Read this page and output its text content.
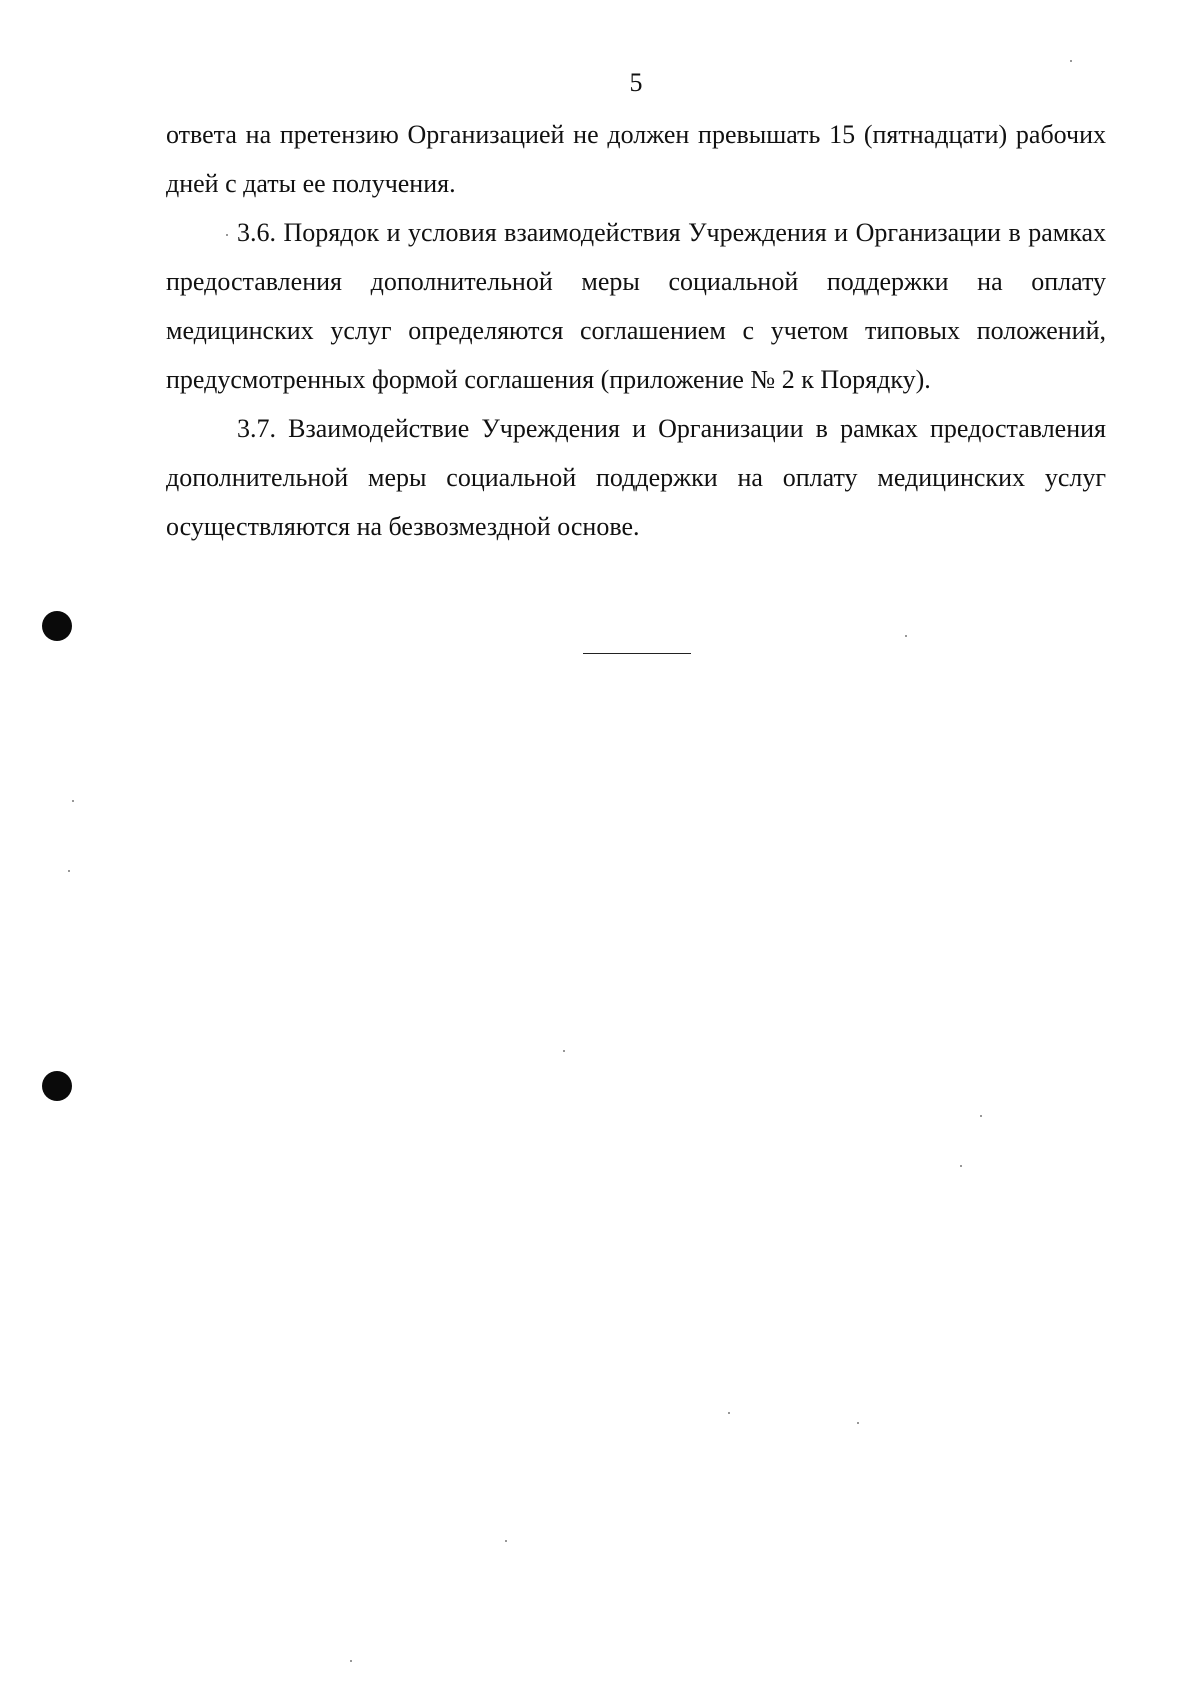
5

ответа на претензию Организацией не должен превышать 15 (пятнадцати) рабочих дней с даты ее получения.

3.6. Порядок и условия взаимодействия Учреждения и Организации в рамках предоставления дополнительной меры социальной поддержки на оплату медицинских услуг определяются соглашением с учетом типовых положений, предусмотренных формой соглашения (приложение № 2 к Порядку).

3.7. Взаимодействие Учреждения и Организации в рамках предоставления дополнительной меры социальной поддержки на оплату медицинских услуг осуществляются на безвозмездной основе.
